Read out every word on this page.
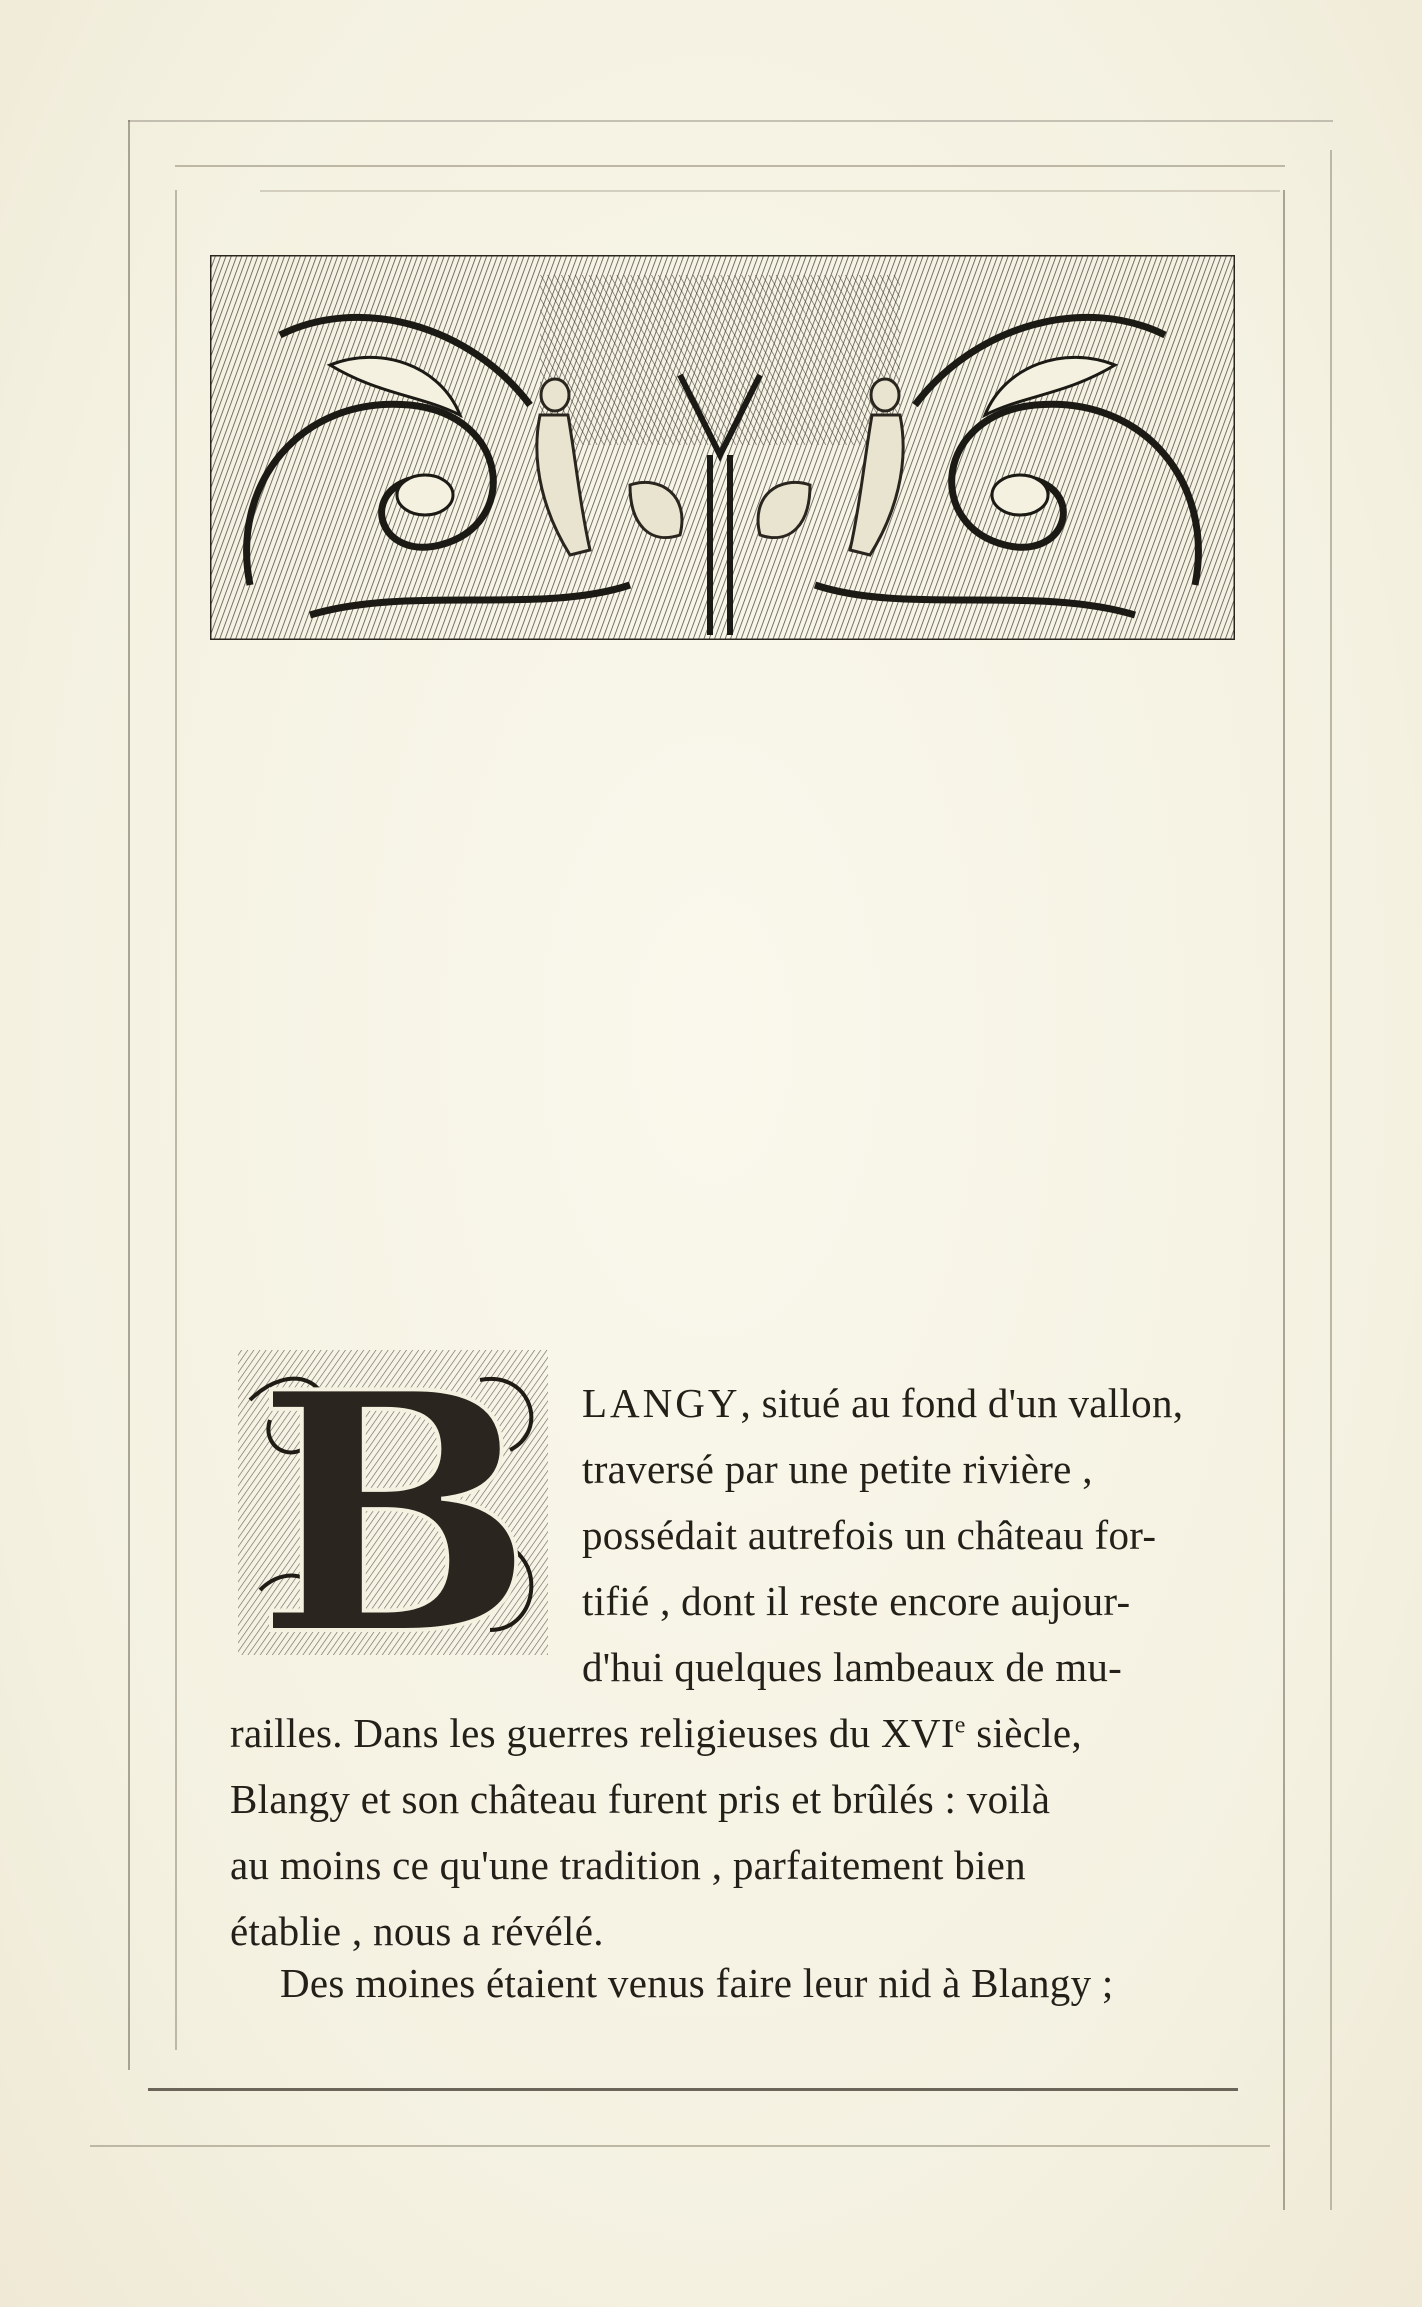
B LANGY, situé au fond d'un vallon,
traversé par une petite rivière ,
possédait autrefois un château for-
tifié , dont il reste encore aujour-
d'hui quelques lambeaux de mu-
railles. Dans les guerres religieuses du XVIe siècle,
Blangy et son château furent pris et brûlés : voilà
au moins ce qu'une tradition , parfaitement bien
établie , nous a révélé.
Des moines étaient venus faire leur nid à Blangy ;
